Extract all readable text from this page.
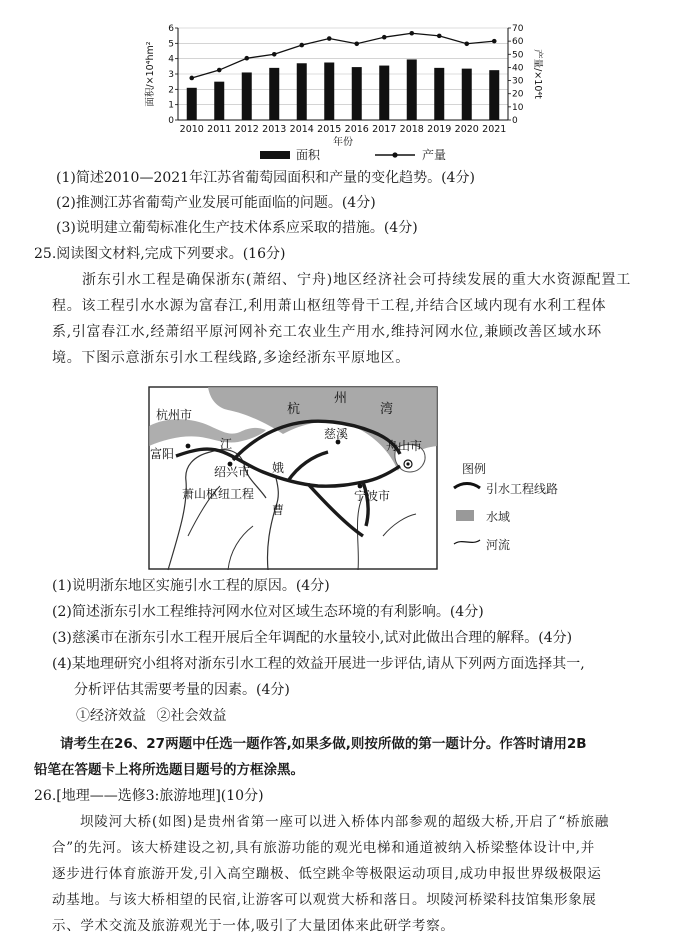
0
1
2
3
4
5
6
0
10
20
30
40
50
60
70
2010 2011 2012 2013 2014 2015 2016 2017 2018 2019 2020 2021
年份
面积/×10⁴hm²	产量/×10⁴t
面积	产量
(1)简述2010—2021年江苏省葡萄园面积和产量的变化趋势。(4分)
(2)推测江苏省葡萄产业发展可能面临的问题。(4分)
(3)说明建立葡萄标准化生产技术体系应采取的措施。(4分)
25.阅读图文材料,完成下列要求。(16分)
浙东引水工程是确保浙东(萧绍、宁舟)地区经济社会可持续发展的重大水资源配置工
程。该工程引水水源为富春江,利用萧山枢纽等骨干工程,并结合区域内现有水利工程体
系,引富春江水,经萧绍平原河网补充工农业生产用水,维持河网水位,兼顾改善区域水环
境。下图示意浙东引水工程线路,多途经浙东平原地区。
杭州市	杭
州
湾
慈溪
富阳
江
绍兴市
舟山市
萧山枢纽工程
曹
娥
宁波市
图例
引水工程线路
水域
河流
(1)说明浙东地区实施引水工程的原因。(4分)
(2)简述浙东引水工程维持河网水位对区域生态环境的有利影响。(4分)
(3)慈溪市在浙东引水工程开展后全年调配的水量较小,试对此做出合理的解释。(4分)
(4)某地理研究小组将对浙东引水工程的效益开展进一步评估,请从下列两方面选择其一,
分析评估其需要考量的因素。(4分)
①经济效益 ②社会效益
请考生在26、27两题中任选一题作答,如果多做,则按所做的第一题计分。作答时请用2B
铅笔在答题卡上将所选题目题号的方框涂黑。
26.[地理——选修3:旅游地理](10分)
坝陵河大桥(如图)是贵州省第一座可以进入桥体内部参观的超级大桥,开启了“桥旅融
合”的先河。该大桥建设之初,具有旅游功能的观光电梯和通道被纳入桥梁整体设计中,并
逐步进行体育旅游开发,引入高空蹦极、低空跳伞等极限运动项目,成功申报世界级极限运
动基地。与该大桥相望的民宿,让游客可以观赏大桥和落日。坝陵河桥梁科技馆集形象展
示、学术交流及旅游观光于一体,吸引了大量团体来此研学考察。
